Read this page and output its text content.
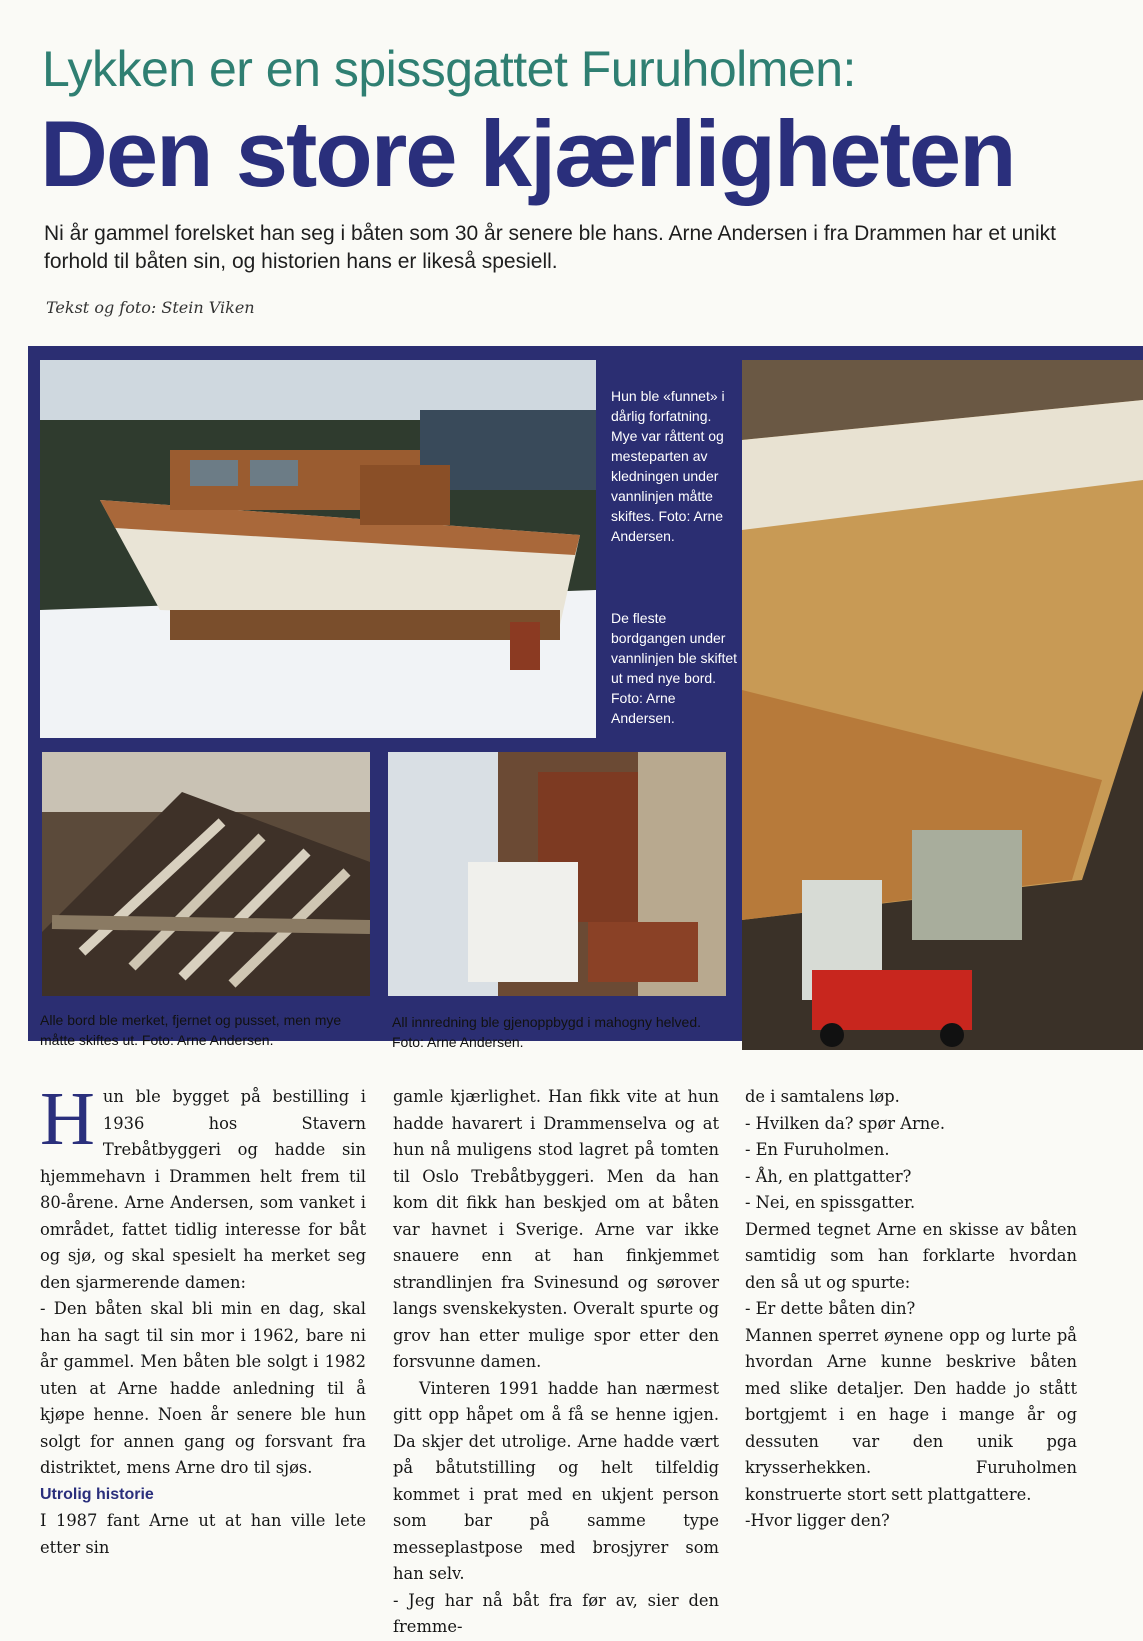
Lykken er en spissgattet Furuholmen:
Den store kjærligheten
Ni år gammel forelsket han seg i båten som 30 år senere ble hans. Arne Andersen i fra Drammen har et unikt forhold til båten sin, og historien hans er likeså spesiell.
Tekst og foto: Stein Viken
Hun ble «funnet» i dårlig forfatning. Mye var råttent og mesteparten av kledningen under vannlinjen måtte skiftes. Foto: Arne Andersen.
De fleste bordgangen under vannlinjen ble skiftet ut med nye bord. Foto: Arne Andersen.
Alle bord ble merket, fjernet og pusset, men mye måtte skiftes ut. Foto: Arne Andersen.
All innredning ble gjenoppbygd i mahogny helved. Foto: Arne Andersen.

Hun ble bygget på bestilling i 1936 hos Stavern Trebåtbyggeri og hadde sin hjemmehavn i Drammen helt frem til 80-årene. Arne Andersen, som vanket i området, fattet tidlig interesse for båt og sjø, og skal spesielt ha merket seg den sjarmerende damen:

- Den båten skal bli min en dag, skal han ha sagt til sin mor i 1962, bare ni år gammel. Men båten ble solgt i 1982 uten at Arne hadde anledning til å kjøpe henne. Noen år senere ble hun solgt for annen gang og forsvant fra distriktet, mens Arne dro til sjøs.

Utrolig historie

I 1987 fant Arne ut at han ville lete etter sin

gamle kjærlighet. Han fikk vite at hun hadde havarert i Drammenselva og at hun nå muligens stod lagret på tomten til Oslo Trebåtbyggeri. Men da han kom dit fikk han beskjed om at båten var havnet i Sverige. Arne var ikke snauere enn at han finkjemmet strandlinjen fra Svinesund og sørover langs svenskekysten. Overalt spurte og grov han etter mulige spor etter den forsvunne damen.

Vinteren 1991 hadde han nærmest gitt opp håpet om å få se henne igjen. Da skjer det utrolige. Arne hadde vært på båtutstilling og helt tilfeldig kommet i prat med en ukjent person som bar på samme type messeplastpose med brosjyrer som han selv.

- Jeg har nå båt fra før av, sier den fremme-

de i samtalens løp.

- Hvilken da? spør Arne.

- En Furuholmen.

- Åh, en plattgatter?

- Nei, en spissgatter.

Dermed tegnet Arne en skisse av båten samtidig som han forklarte hvordan den så ut og spurte:

- Er dette båten din?

Mannen sperret øynene opp og lurte på hvordan Arne kunne beskrive båten med slike detaljer. Den hadde jo stått bortgjemt i en hage i mange år og dessuten var den unik pga krysserhekken. Furuholmen konstruerte stort sett plattgattere.

-Hvor ligger den?
